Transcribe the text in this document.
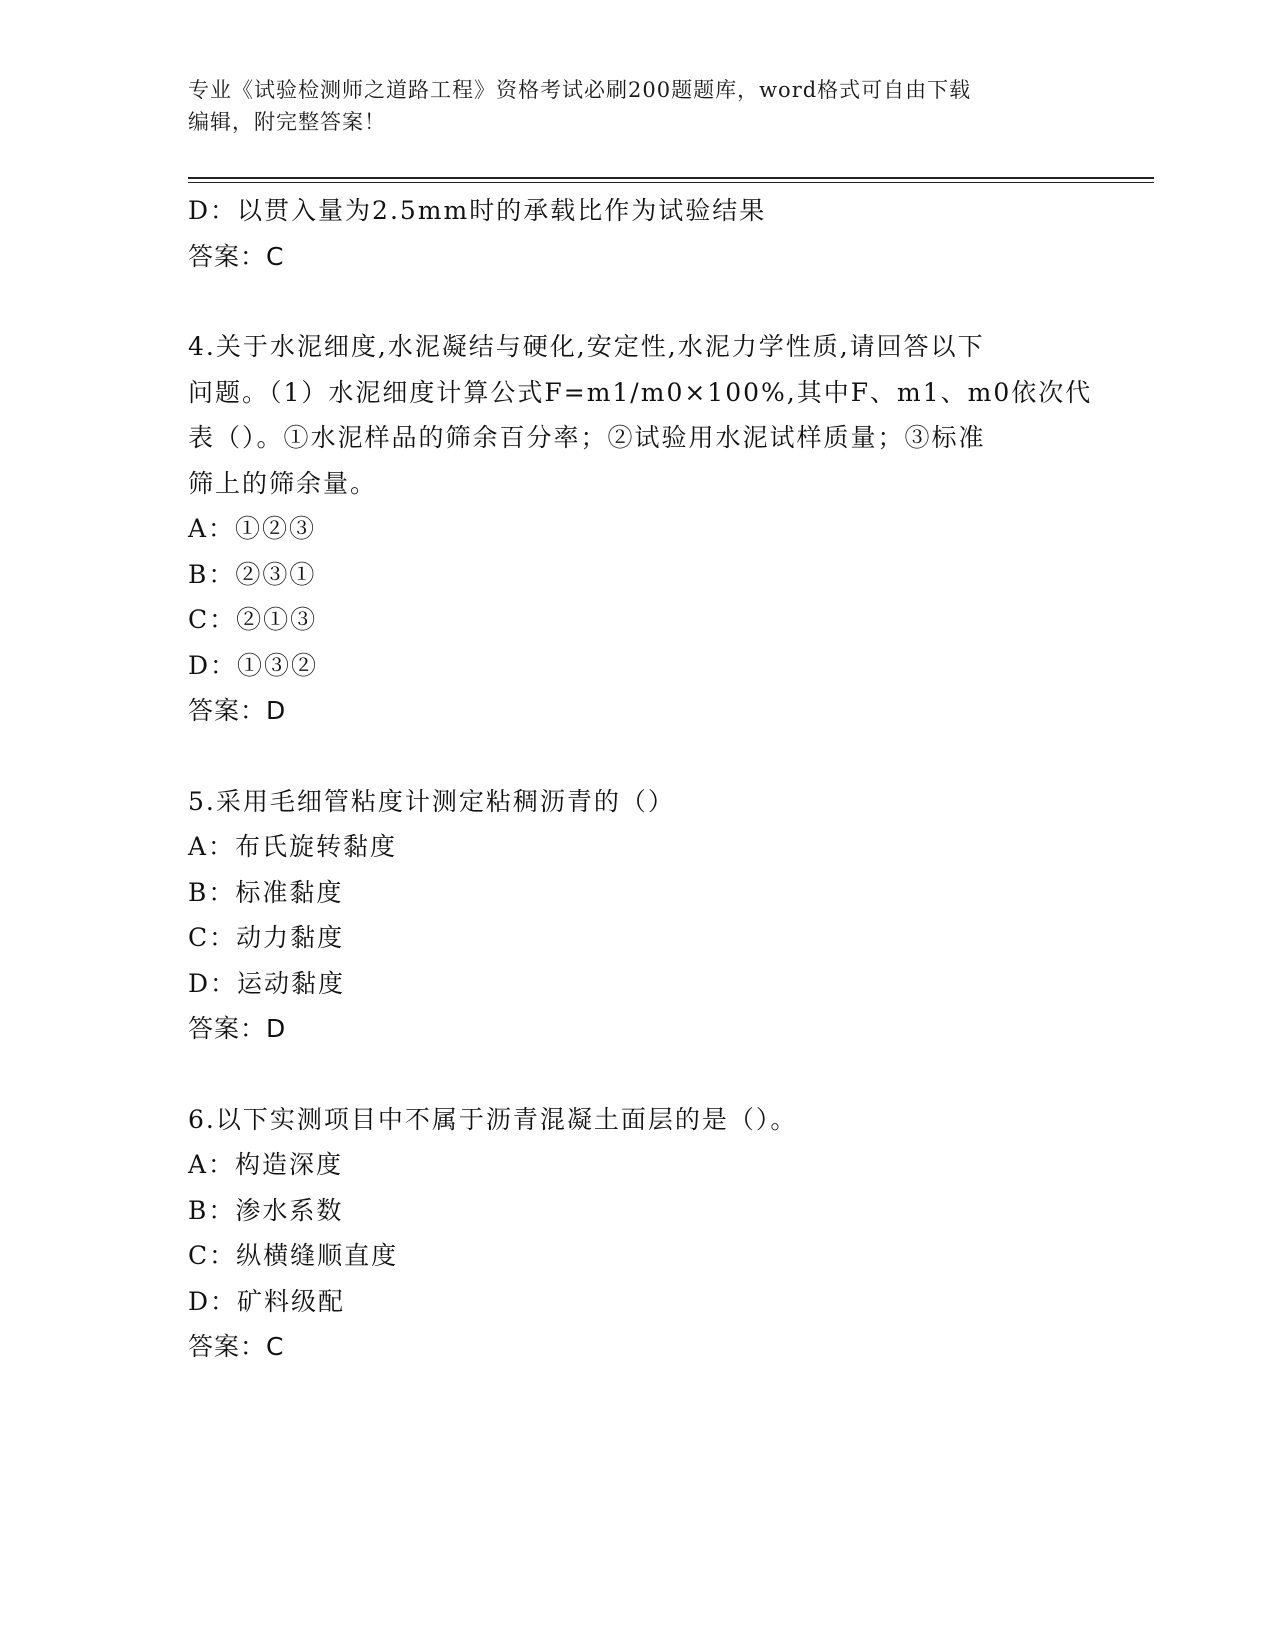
专业《试验检测师之道路工程》资格考试必刷200题题库，word格式可自由下载
编辑，附完整答案！
D：以贯入量为2.5mm时的承载比作为试验结果
答案：C
4.关于水泥细度,水泥凝结与硬化,安定性,水泥力学性质,请回答以下
问题。（1）水泥细度计算公式F=m1/m0×100%,其中F、m1、m0依次代
表（）。①水泥样品的筛余百分率；②试验用水泥试样质量；③标准
筛上的筛余量。
A：①②③
B：②③①
C：②①③
D：①③②
答案：D
5.采用毛细管粘度计测定粘稠沥青的（）
A：布氏旋转黏度
B：标准黏度
C：动力黏度
D：运动黏度
答案：D
6.以下实测项目中不属于沥青混凝土面层的是（）。
A：构造深度
B：渗水系数
C：纵横缝顺直度
D：矿料级配
答案：C
